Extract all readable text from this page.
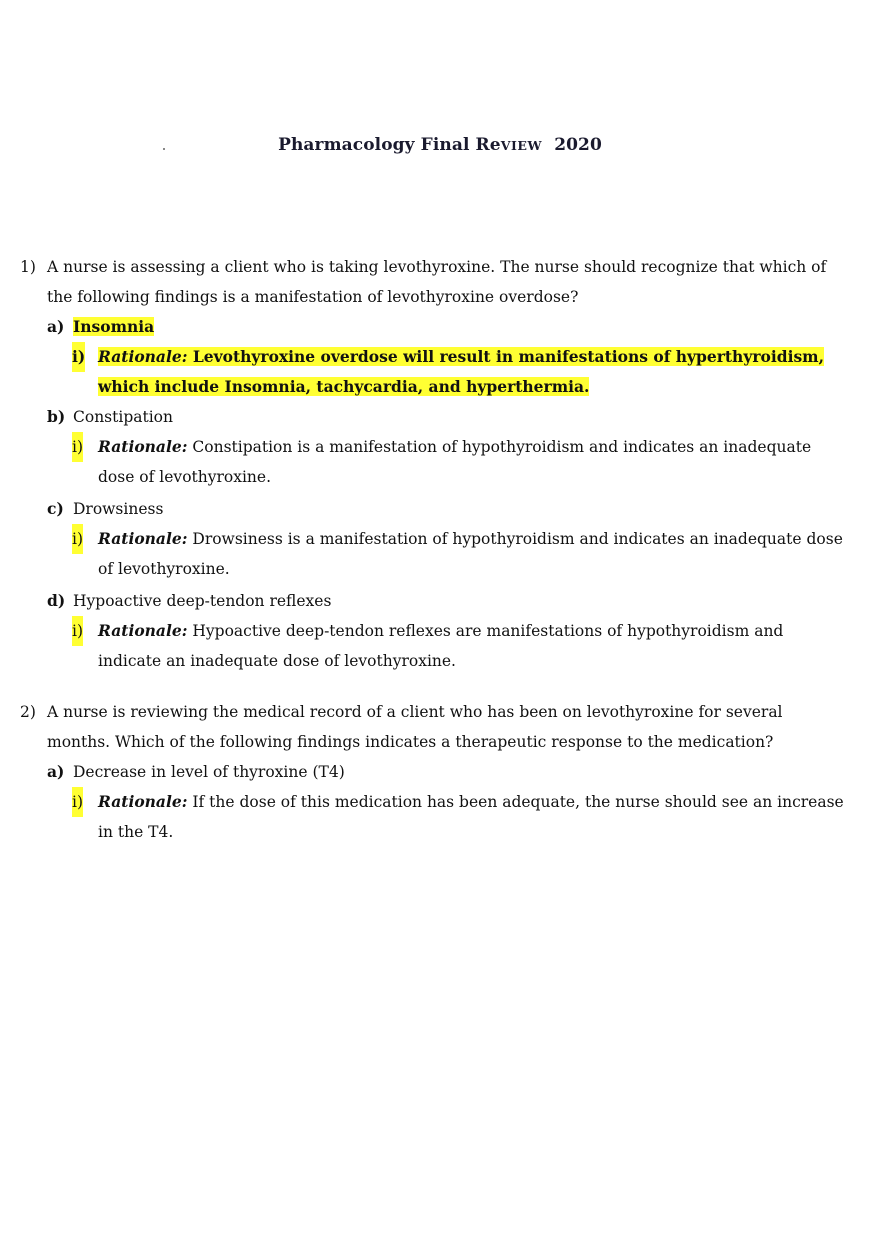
Pharmacology Final ReVIEW 2020
1) A nurse is assessing a client who is taking levothyroxine. The nurse should recognize that which of the following findings is a manifestation of levothyroxine overdose?
a) Insomnia
i) Rationale: Levothyroxine overdose will result in manifestations of hyperthyroidism, which include Insomnia, tachycardia, and hyperthermia.
b) Constipation
i) Rationale: Constipation is a manifestation of hypothyroidism and indicates an inadequate dose of levothyroxine.
c) Drowsiness
i) Rationale: Drowsiness is a manifestation of hypothyroidism and indicates an inadequate dose of levothyroxine.
d) Hypoactive deep-tendon reflexes
i) Rationale: Hypoactive deep-tendon reflexes are manifestations of hypothyroidism and indicate an inadequate dose of levothyroxine.
2) A nurse is reviewing the medical record of a client who has been on levothyroxine for several months. Which of the following findings indicates a therapeutic response to the medication?
a) Decrease in level of thyroxine (T4)
i) Rationale: If the dose of this medication has been adequate, the nurse should see an increase in the T4.
